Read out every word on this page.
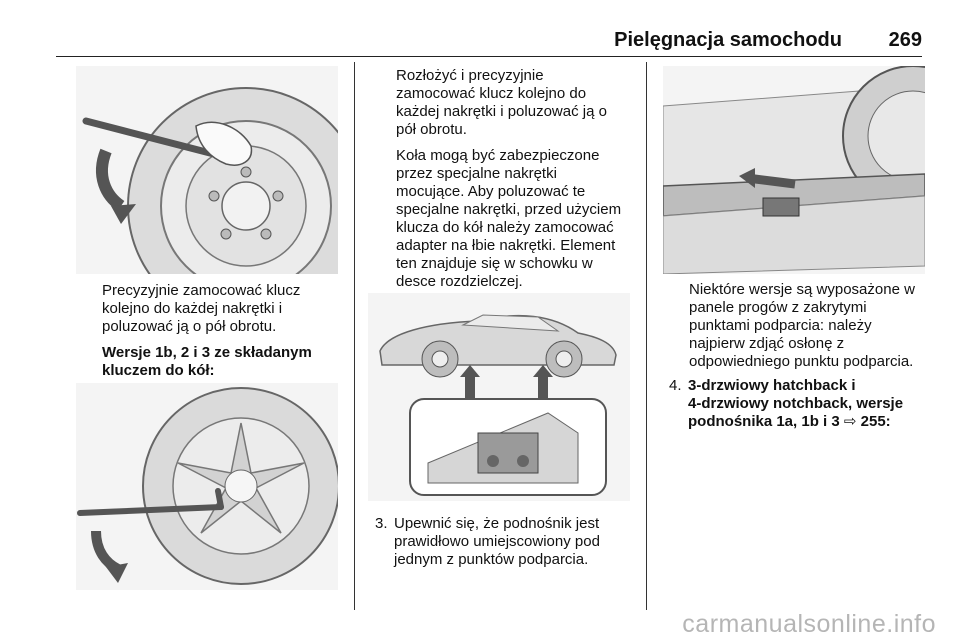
Pielęgnacja samochodu 269

Precyzyjnie zamocować klucz
kolejno do każdej nakrętki i
poluzować ją o pół obrotu.

Wersje 1b, 2 i 3 ze składanym
kluczem do kół:

Rozłożyć i precyzyjnie
zamocować klucz kolejno do
każdej nakrętki i poluzować ją o
pół obrotu.

Koła mogą być zabezpieczone
przez specjalne nakrętki
mocujące. Aby poluzować te
specjalne nakrętki, przed użyciem
klucza do kół należy zamocować
adapter na łbie nakrętki. Element
ten znajduje się w schowku w
desce rozdzielczej.

3. Upewnić się, że podnośnik jest
prawidłowo umiejscowiony pod
jednym z punktów podparcia.

Niektóre wersje są wyposażone w
panele progów z zakrytymi
punktami podparcia: należy
najpierw zdjąć osłonę z
odpowiedniego punktu podparcia.

4. 3-drzwiowy hatchback i
4-drzwiowy notchback, wersje
podnośnika 1a, 1b i 3 ⇨ 255:
carmanualsonline.info
